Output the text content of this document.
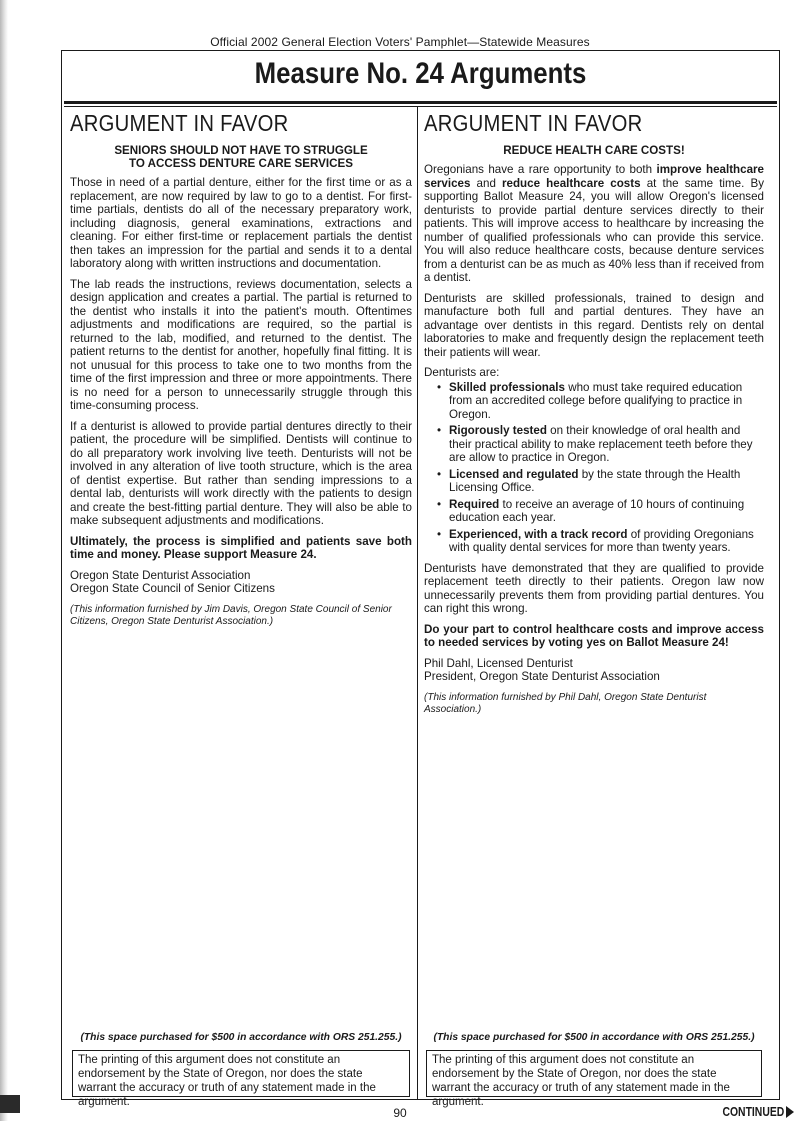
Official 2002 General Election Voters' Pamphlet—Statewide Measures
Measure No. 24 Arguments
ARGUMENT IN FAVOR
SENIORS SHOULD NOT HAVE TO STRUGGLE
TO ACCESS DENTURE CARE SERVICES

Those in need of a partial denture, either for the first time or as a replacement, are now required by law to go to a dentist. For first-time partials, dentists do all of the necessary preparatory work, including diagnosis, general examinations, extractions and cleaning. For either first-time or replacement partials the dentist then takes an impression for the partial and sends it to a dental laboratory along with written instructions and documentation.

The lab reads the instructions, reviews documentation, selects a design application and creates a partial. The partial is returned to the dentist who installs it into the patient's mouth. Oftentimes adjustments and modifications are required, so the partial is returned to the lab, modified, and returned to the dentist. The patient returns to the dentist for another, hopefully final fitting. It is not unusual for this process to take one to two months from the time of the first impression and three or more appointments. There is no need for a person to unnecessarily struggle through this time-consuming process.

If a denturist is allowed to provide partial dentures directly to their patient, the procedure will be simplified. Dentists will continue to do all preparatory work involving live teeth. Denturists will not be involved in any alteration of live tooth structure, which is the area of dentist expertise. But rather than sending impressions to a dental lab, denturists will work directly with the patients to design and create the best-fitting partial denture. They will also be able to make subsequent adjustments and modifications.

Ultimately, the process is simplified and patients save both time and money. Please support Measure 24.

Oregon State Denturist Association
Oregon State Council of Senior Citizens

(This information furnished by Jim Davis, Oregon State Council of Senior Citizens, Oregon State Denturist Association.)

ARGUMENT IN FAVOR
REDUCE HEALTH CARE COSTS!

Oregonians have a rare opportunity to both improve healthcare services and reduce healthcare costs at the same time. By supporting Ballot Measure 24, you will allow Oregon's licensed denturists to provide partial denture services directly to their patients. This will improve access to healthcare by increasing the number of qualified professionals who can provide this service. You will also reduce healthcare costs, because denture services from a denturist can be as much as 40% less than if received from a dentist.

Denturists are skilled professionals, trained to design and manufacture both full and partial dentures. They have an advantage over dentists in this regard. Dentists rely on dental laboratories to make and frequently design the replacement teeth their patients will wear.

Denturists are:

• Skilled professionals who must take required education from an accredited college before qualifying to practice in Oregon.
• Rigorously tested on their knowledge of oral health and their practical ability to make replacement teeth before they are allow to practice in Oregon.
• Licensed and regulated by the state through the Health Licensing Office.
• Required to receive an average of 10 hours of continuing education each year.
• Experienced, with a track record of providing Oregonians with quality dental services for more than twenty years.

Denturists have demonstrated that they are qualified to provide replacement teeth directly to their patients. Oregon law now unnecessarily prevents them from providing partial dentures. You can right this wrong.

Do your part to control healthcare costs and improve access to needed services by voting yes on Ballot Measure 24!

Phil Dahl, Licensed Denturist
President, Oregon State Denturist Association

(This information furnished by Phil Dahl, Oregon State Denturist Association.)

(This space purchased for $500 in accordance with ORS 251.255.)	(This space purchased for $500 in accordance with ORS 251.255.)
The printing of this argument does not constitute an endorsement by the State of Oregon, nor does the state warrant the accuracy or truth of any statement made in the argument.
The printing of this argument does not constitute an endorsement by the State of Oregon, nor does the state warrant the accuracy or truth of any statement made in the argument.
90	CONTINUED
